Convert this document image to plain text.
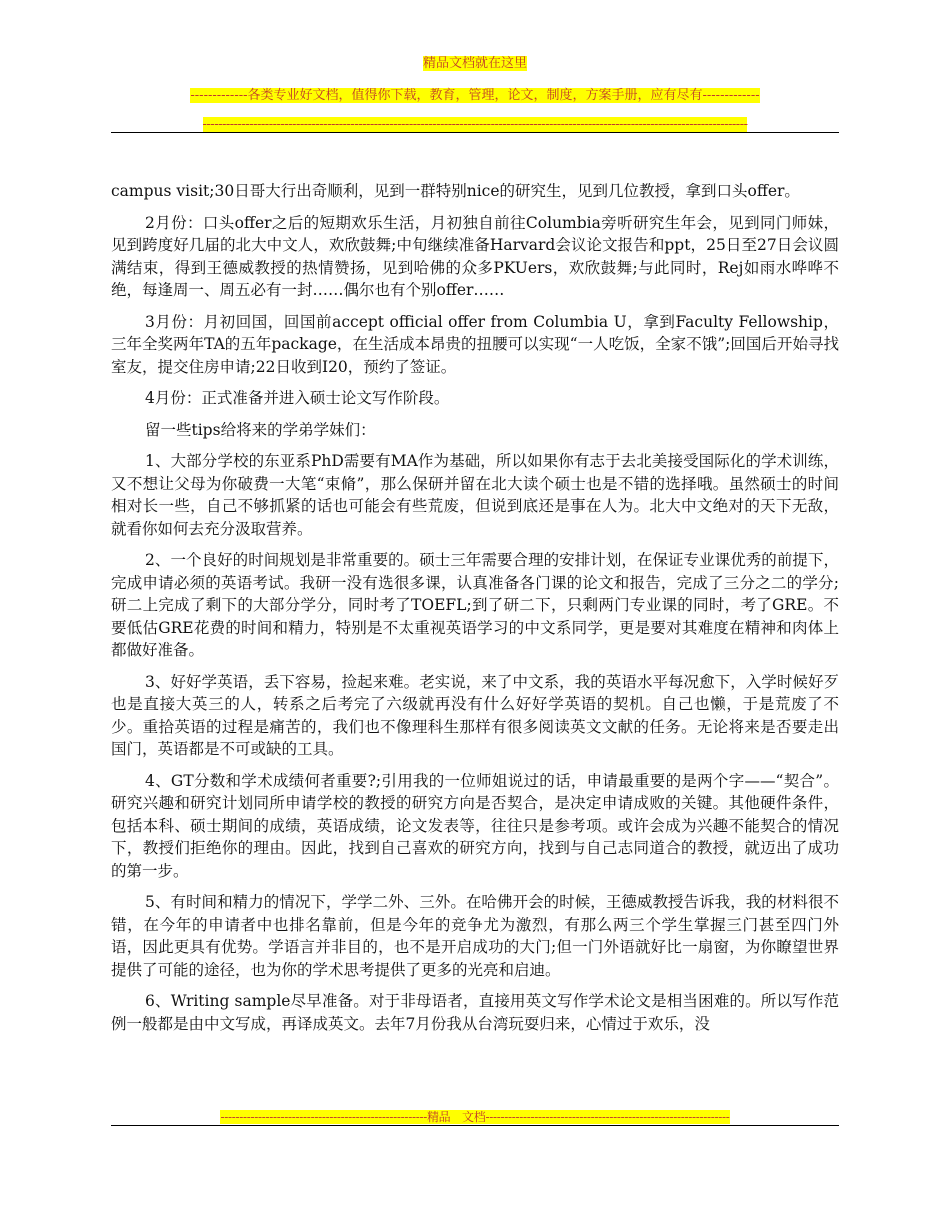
精品文档就在这里
-------------各类专业好文档，值得你下载，教育，管理，论文，制度，方案手册，应有尽有-------------
--------------------------------------------------------------------------------------------------------------------------------------------

campus visit;30日哥大行出奇顺利，见到一群特别nice的研究生，见到几位教授，拿到口头offer。

2月份：口头offer之后的短期欢乐生活，月初独自前往Columbia旁听研究生年会，见到同门师妹，见到跨度好几届的北大中文人，欢欣鼓舞;中旬继续准备Harvard会议论文报告和ppt，25日至27日会议圆满结束，得到王德威教授的热情赞扬，见到哈佛的众多PKUers，欢欣鼓舞;与此同时，Rej如雨水哗哗不绝，每逢周一、周五必有一封……偶尔也有个别offer……

3月份：月初回国，回国前accept official offer from Columbia U，拿到Faculty Fellowship，三年全奖两年TA的五年package，在生活成本昂贵的扭腰可以实现“一人吃饭，全家不饿”;回国后开始寻找室友，提交住房申请;22日收到I20，预约了签证。

4月份：正式准备并进入硕士论文写作阶段。

留一些tips给将来的学弟学妹们：

1、大部分学校的东亚系PhD需要有MA作为基础，所以如果你有志于去北美接受国际化的学术训练，又不想让父母为你破费一大笔“束脩”，那么保研并留在北大读个硕士也是不错的选择哦。虽然硕士的时间相对长一些，自己不够抓紧的话也可能会有些荒废，但说到底还是事在人为。北大中文绝对的天下无敌，就看你如何去充分汲取营养。

2、一个良好的时间规划是非常重要的。硕士三年需要合理的安排计划，在保证专业课优秀的前提下，完成申请必须的英语考试。我研一没有选很多课，认真准备各门课的论文和报告，完成了三分之二的学分;研二上完成了剩下的大部分学分，同时考了TOEFL;到了研二下，只剩两门专业课的同时，考了GRE。不要低估GRE花费的时间和精力，特别是不太重视英语学习的中文系同学，更是要对其难度在精神和肉体上都做好准备。

3、好好学英语，丢下容易，捡起来难。老实说，来了中文系，我的英语水平每况愈下，入学时候好歹也是直接大英三的人，转系之后考完了六级就再没有什么好好学英语的契机。自己也懒，于是荒废了不少。重拾英语的过程是痛苦的，我们也不像理科生那样有很多阅读英文文献的任务。无论将来是否要走出国门，英语都是不可或缺的工具。

4、GT分数和学术成绩何者重要?;引用我的一位师姐说过的话，申请最重要的是两个字——“契合”。研究兴趣和研究计划同所申请学校的教授的研究方向是否契合，是决定申请成败的关键。其他硬件条件，包括本科、硕士期间的成绩，英语成绩，论文发表等，往往只是参考项。或许会成为兴趣不能契合的情况下，教授们拒绝你的理由。因此，找到自己喜欢的研究方向，找到与自己志同道合的教授，就迈出了成功的第一步。

5、有时间和精力的情况下，学学二外、三外。在哈佛开会的时候，王德威教授告诉我，我的材料很不错，在今年的申请者中也排名靠前，但是今年的竞争尤为激烈，有那么两三个学生掌握三门甚至四门外语，因此更具有优势。学语言并非目的，也不是开启成功的大门;但一门外语就好比一扇窗，为你瞭望世界提供了可能的途径，也为你的学术思考提供了更多的光亮和启迪。

6、Writing sample尽早准备。对于非母语者，直接用英文写作学术论文是相当困难的。所以写作范例一般都是由中文写成，再译成英文。去年7月份我从台湾玩耍归来，心情过于欢乐，没

-------------------------------------------------------精品　文档-----------------------------------------------------------------
